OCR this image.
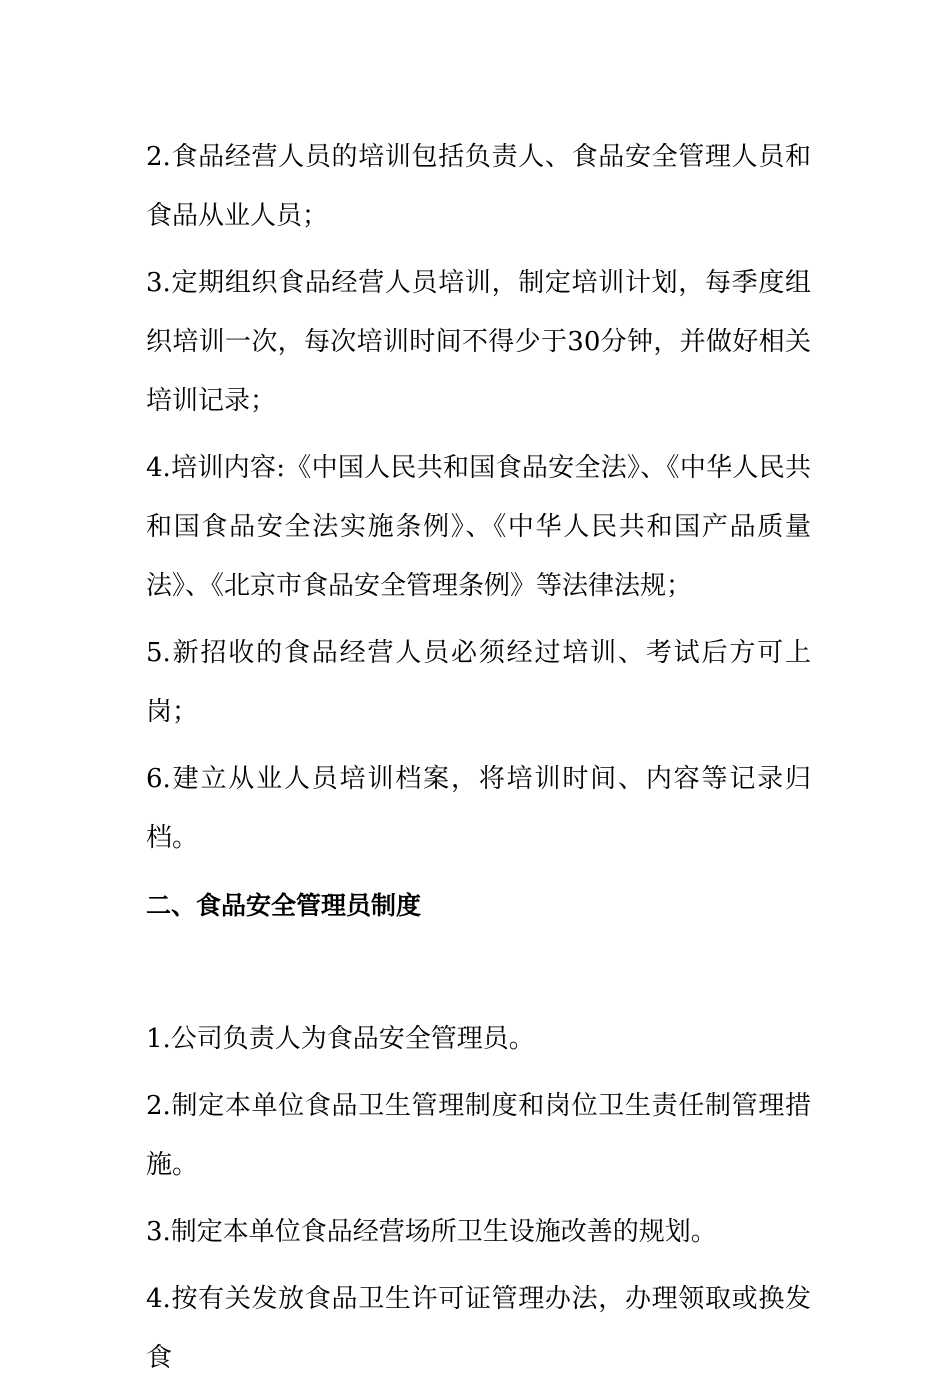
2.食品经营人员的培训包括负责人、食品安全管理人员和食品从业人员；

3.定期组织食品经营人员培训，制定培训计划，每季度组织培训一次，每次培训时间不得少于30分钟，并做好相关培训记录；

4.培训内容:《中国人民共和国食品安全法》、《中华人民共和国食品安全法实施条例》、《中华人民共和国产品质量法》、《北京市食品安全管理条例》等法律法规；

5.新招收的食品经营人员必须经过培训、考试后方可上岗；

6.建立从业人员培训档案，将培训时间、内容等记录归档。

二、食品安全管理员制度

1.公司负责人为食品安全管理员。

2.制定本单位食品卫生管理制度和岗位卫生责任制管理措施。

3.制定本单位食品经营场所卫生设施改善的规划。

4.按有关发放食品卫生许可证管理办法，办理领取或换发食
